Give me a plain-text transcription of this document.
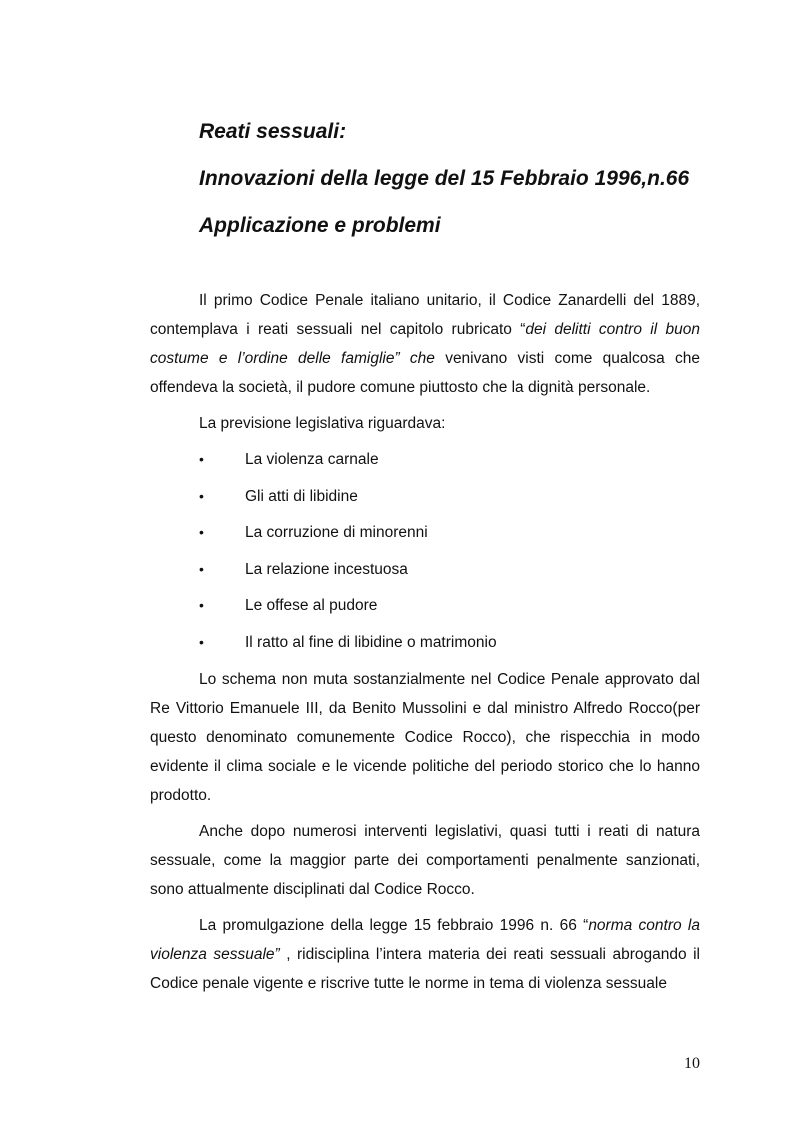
Reati sessuali:
Innovazioni della legge del 15 Febbraio 1996,n.66
Applicazione e problemi

Il primo Codice Penale italiano unitario, il Codice Zanardelli del 1889, contemplava i reati sessuali nel capitolo rubricato “dei delitti contro il buon costume e l’ordine delle famiglie” che venivano visti come qualcosa che offendeva la società, il pudore comune piuttosto che la dignità personale.

La previsione legislativa riguardava:

•	La violenza carnale
•	Gli atti di libidine
•	La corruzione di minorenni
•	La relazione incestuosa
•	Le offese al pudore
•	Il ratto al fine di libidine o matrimonio

Lo schema non muta sostanzialmente nel Codice Penale approvato dal Re Vittorio Emanuele III, da Benito Mussolini e dal ministro Alfredo Rocco(per questo denominato comunemente Codice Rocco), che rispecchia in modo evidente il clima sociale e le vicende politiche del periodo storico che lo hanno prodotto.

Anche dopo numerosi interventi legislativi, quasi tutti i reati di natura sessuale, come la maggior parte dei comportamenti penalmente sanzionati, sono attualmente disciplinati dal Codice Rocco.

La promulgazione della legge 15 febbraio 1996 n. 66 “norma contro la violenza sessuale” , ridisciplina l’intera materia dei reati sessuali abrogando il Codice penale vigente e riscrive tutte le norme in tema di violenza sessuale

10
